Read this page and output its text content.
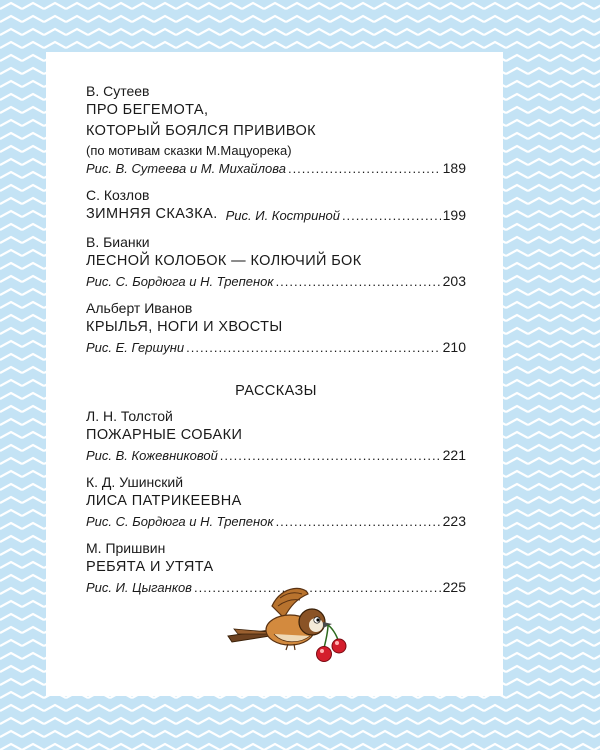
В. Сутеев
ПРО БЕГЕМОТА,
КОТОРЫЙ БОЯЛСЯ ПРИВИВОК
(по мотивам сказки М.Мацуорека)
Рис. В. Сутеева и М. Михайлова .....	189
С. Козлов
ЗИМНЯЯ СКАЗКА. Рис. И. Костриной .....	199
В. Бианки
ЛЕСНОЙ КОЛОБОК — КОЛЮЧИЙ БОК
Рис. С. Бордюга и Н. Трепенок .....	203
Альберт Иванов
КРЫЛЬЯ, НОГИ И ХВОСТЫ
Рис. Е. Гершуни .....	210
РАССКАЗЫ
Л. Н. Толстой
ПОЖАРНЫЕ СОБАКИ
Рис. В. Кожевниковой .....	221
К. Д. Ушинский
ЛИСА ПАТРИКЕЕВНА
Рис. С. Бордюга и Н. Трепенок .....	223
М. Пришвин
РЕБЯТА И УТЯТА
Рис. И. Цыганков .....	225
